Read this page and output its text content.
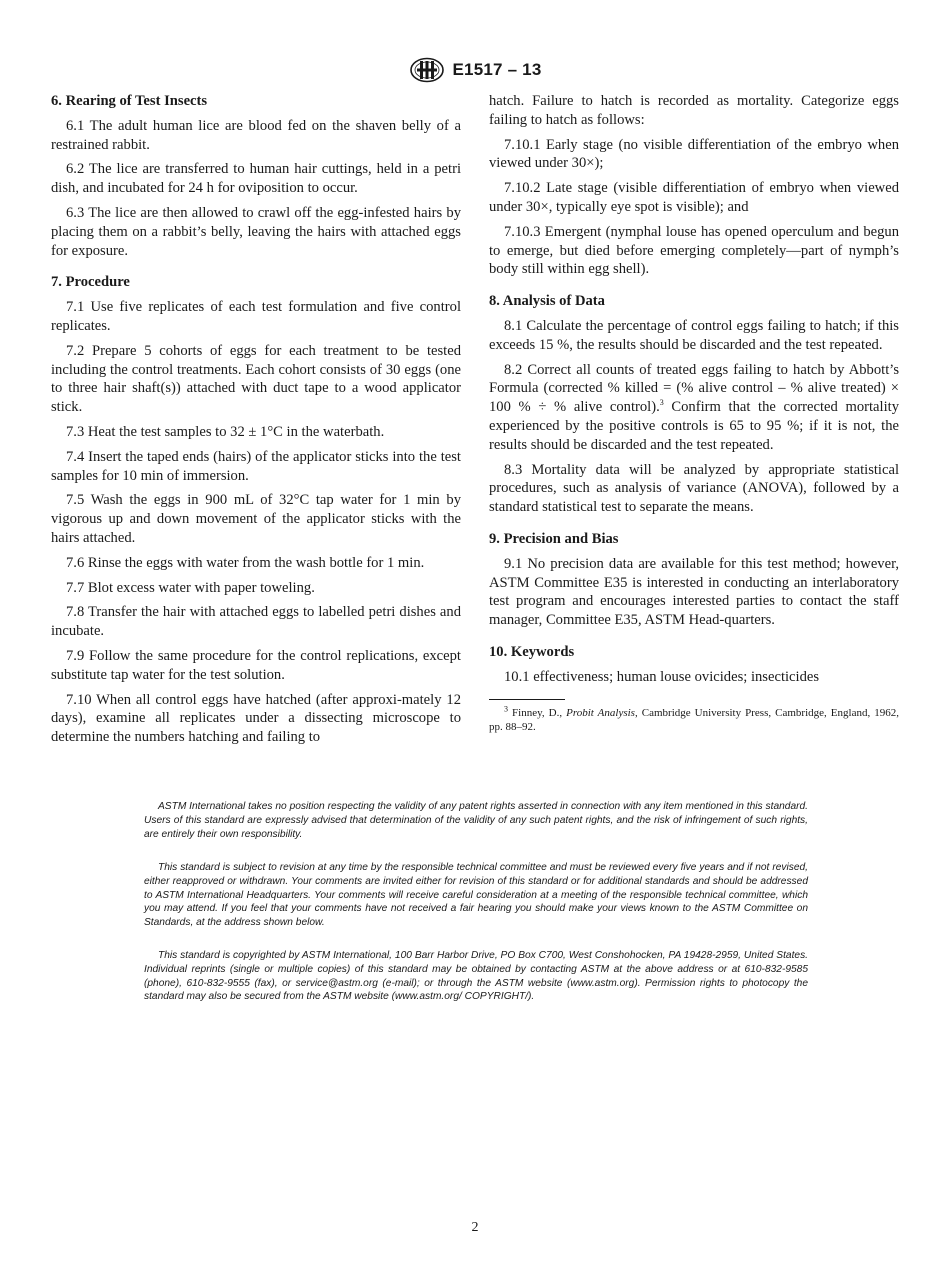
E1517 – 13
6. Rearing of Test Insects

6.1 The adult human lice are blood fed on the shaven belly of a restrained rabbit.

6.2 The lice are transferred to human hair cuttings, held in a petri dish, and incubated for 24 h for oviposition to occur.

6.3 The lice are then allowed to crawl off the egg-infested hairs by placing them on a rabbit’s belly, leaving the hairs with attached eggs for exposure.

7. Procedure

7.1 Use five replicates of each test formulation and five control replicates.

7.2 Prepare 5 cohorts of eggs for each treatment to be tested including the control treatments. Each cohort consists of 30 eggs (one to three hair shaft(s)) attached with duct tape to a wood applicator stick.

7.3 Heat the test samples to 32 ± 1°C in the waterbath.

7.4 Insert the taped ends (hairs) of the applicator sticks into the test samples for 10 min of immersion.

7.5 Wash the eggs in 900 mL of 32°C tap water for 1 min by vigorous up and down movement of the applicator sticks with the hairs attached.

7.6 Rinse the eggs with water from the wash bottle for 1 min.

7.7 Blot excess water with paper toweling.

7.8 Transfer the hair with attached eggs to labelled petri dishes and incubate.

7.9 Follow the same procedure for the control replications, except substitute tap water for the test solution.

7.10 When all control eggs have hatched (after approxi-mately 12 days), examine all replicates under a dissecting microscope to determine the numbers hatching and failing to

hatch. Failure to hatch is recorded as mortality. Categorize eggs failing to hatch as follows:

7.10.1 Early stage (no visible differentiation of the embryo when viewed under 30×);

7.10.2 Late stage (visible differentiation of embryo when viewed under 30×, typically eye spot is visible); and

7.10.3 Emergent (nymphal louse has opened operculum and begun to emerge, but died before emerging completely—part of nymph’s body still within egg shell).

8. Analysis of Data

8.1 Calculate the percentage of control eggs failing to hatch; if this exceeds 15 %, the results should be discarded and the test repeated.

8.2 Correct all counts of treated eggs failing to hatch by Abbott’s Formula (corrected % killed = (% alive control – % alive treated) × 100 % ÷ % alive control).$^3$ Confirm that the corrected mortality experienced by the positive controls is 65 to 95 %; if it is not, the results should be discarded and the test repeated.

8.3 Mortality data will be analyzed by appropriate statistical procedures, such as analysis of variance (ANOVA), followed by a standard statistical test to separate the means.

9. Precision and Bias

9.1 No precision data are available for this test method; however, ASTM Committee E35 is interested in conducting an interlaboratory test program and encourages interested parties to contact the staff manager, Committee E35, ASTM Head-quarters.

10. Keywords

10.1 effectiveness; human louse ovicides; insecticides

$^3$ Finney, D., Probit Analysis, Cambridge University Press, Cambridge, England, 1962, pp. 88–92.

ASTM International takes no position respecting the validity of any patent rights asserted in connection with any item mentioned in this standard. Users of this standard are expressly advised that determination of the validity of any such patent rights, and the risk of infringement of such rights, are entirely their own responsibility.

This standard is subject to revision at any time by the responsible technical committee and must be reviewed every five years and if not revised, either reapproved or withdrawn. Your comments are invited either for revision of this standard or for additional standards and should be addressed to ASTM International Headquarters. Your comments will receive careful consideration at a meeting of the responsible technical committee, which you may attend. If you feel that your comments have not received a fair hearing you should make your views known to the ASTM Committee on Standards, at the address shown below.

This standard is copyrighted by ASTM International, 100 Barr Harbor Drive, PO Box C700, West Conshohocken, PA 19428-2959, United States. Individual reprints (single or multiple copies) of this standard may be obtained by contacting ASTM at the above address or at 610-832-9585 (phone), 610-832-9555 (fax), or service@astm.org (e-mail); or through the ASTM website (www.astm.org). Permission rights to photocopy the standard may also be secured from the ASTM website (www.astm.org/ COPYRIGHT/).

2
